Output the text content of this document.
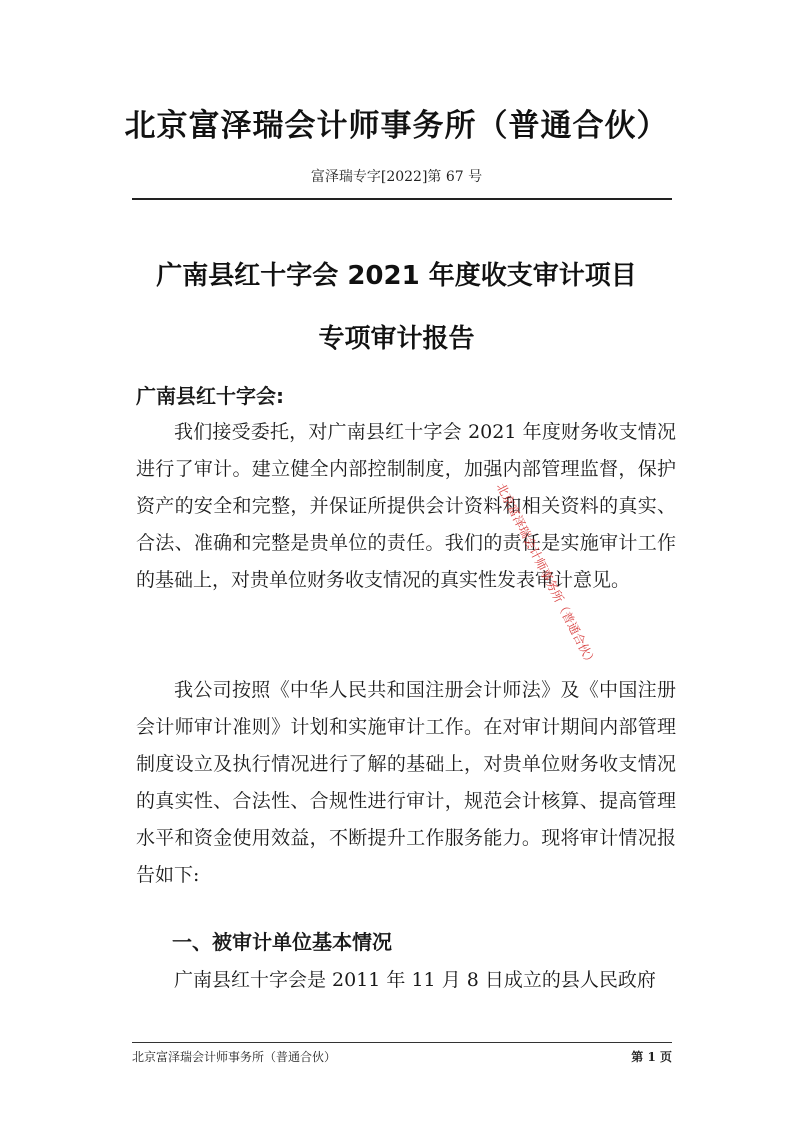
北京富泽瑞会计师事务所（普通合伙）
富泽瑞专字[2022]第 67 号
广南县红十字会 2021 年度收支审计项目
专项审计报告
广南县红十字会:

我们接受委托，对广南县红十字会 2021 年度财务收支情况进行了审计。建立健全内部控制制度，加强内部管理监督，保护资产的安全和完整，并保证所提供会计资料和相关资料的真实、合法、准确和完整是贵单位的责任。我们的责任是实施审计工作的基础上，对贵单位财务收支情况的真实性发表审计意见。

我公司按照《中华人民共和国注册会计师法》及《中国注册会计师审计准则》计划和实施审计工作。在对审计期间内部管理制度设立及执行情况进行了解的基础上，对贵单位财务收支情况的真实性、合法性、合规性进行审计，规范会计核算、提高管理水平和资金使用效益，不断提升工作服务能力。现将审计情况报告如下:

一、被审计单位基本情况

广南县红十字会是 2011 年 11 月 8 日成立的县人民政府

北京富泽瑞会计师事务所（普通合伙）
北京富泽瑞会计师事务所（普通合伙）	第 1 页
